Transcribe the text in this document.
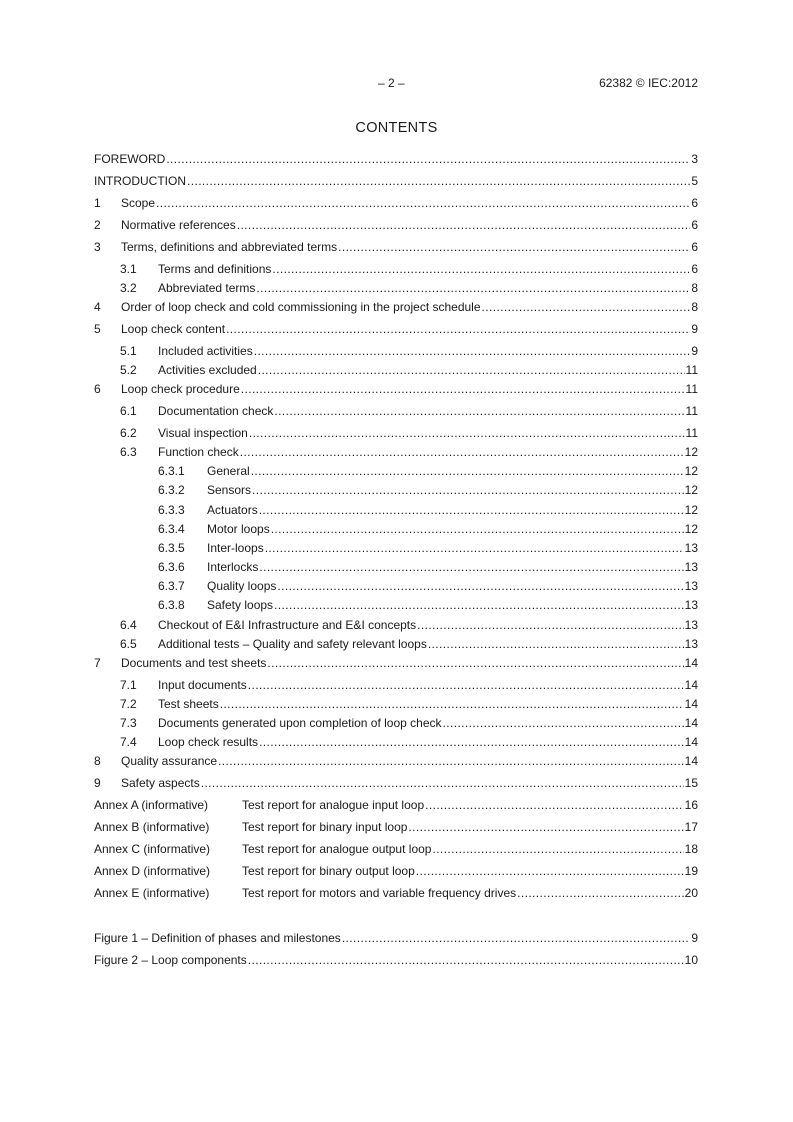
– 2 –	62382 © IEC:2012
CONTENTS
FOREWORD .....	3
INTRODUCTION .....	5
1	Scope .....	6
2	Normative references .....	6
3	Terms, definitions and abbreviated terms .....	6
3.1	Terms and definitions .....	6
3.2	Abbreviated terms .....	8
4	Order of loop check and cold commissioning in the project schedule .....	8
5	Loop check content .....	9
5.1	Included activities .....	9
5.2	Activities excluded .....	11
6	Loop check procedure .....	11
6.1	Documentation check .....	11
6.2	Visual inspection .....	11
6.3	Function check .....	12
6.3.1	General .....	12
6.3.2	Sensors .....	12
6.3.3	Actuators .....	12
6.3.4	Motor loops .....	12
6.3.5	Inter-loops .....	13
6.3.6	Interlocks .....	13
6.3.7	Quality loops .....	13
6.3.8	Safety loops .....	13
6.4	Checkout of E&I Infrastructure and E&I concepts .....	13
6.5	Additional tests – Quality and safety relevant loops .....	13
7	Documents and test sheets .....	14
7.1	Input documents .....	14
7.2	Test sheets .....	14
7.3	Documents generated upon completion of loop check .....	14
7.4	Loop check results .....	14
8	Quality assurance .....	14
9	Safety aspects .....	15
Annex A (informative)	Test report for analogue input loop .....	16
Annex B (informative)	Test report for binary input loop .....	17
Annex C (informative)	Test report for analogue output loop .....	18
Annex D (informative)	Test report for binary output loop .....	19
Annex E (informative)	Test report for motors and variable frequency drives .....	20
Figure 1 – Definition of phases and milestones .....	9
Figure 2 – Loop components .....	10
